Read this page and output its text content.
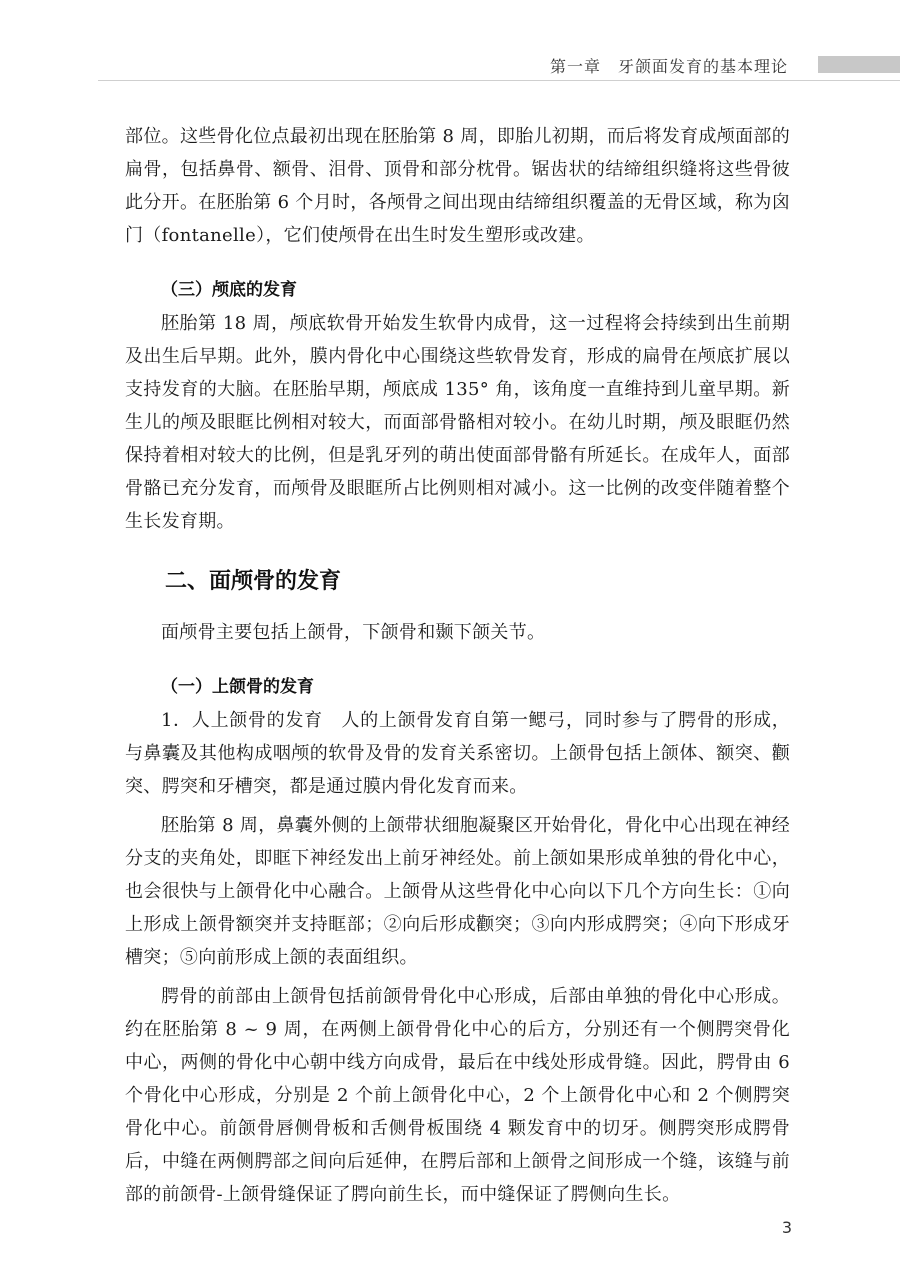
第一章　牙颌面发育的基本理论

部位。这些骨化位点最初出现在胚胎第 8 周，即胎儿初期，而后将发育成颅面部的扁骨，包括鼻骨、额骨、泪骨、顶骨和部分枕骨。锯齿状的结缔组织缝将这些骨彼此分开。在胚胎第 6 个月时，各颅骨之间出现由结缔组织覆盖的无骨区域，称为囟门（fontanelle），它们使颅骨在出生时发生塑形或改建。

（三）颅底的发育

胚胎第 18 周，颅底软骨开始发生软骨内成骨，这一过程将会持续到出生前期及出生后早期。此外，膜内骨化中心围绕这些软骨发育，形成的扁骨在颅底扩展以支持发育的大脑。在胚胎早期，颅底成 135° 角，该角度一直维持到儿童早期。新生儿的颅及眼眶比例相对较大，而面部骨骼相对较小。在幼儿时期，颅及眼眶仍然保持着相对较大的比例，但是乳牙列的萌出使面部骨骼有所延长。在成年人，面部骨骼已充分发育，而颅骨及眼眶所占比例则相对减小。这一比例的改变伴随着整个生长发育期。

二、面颅骨的发育

面颅骨主要包括上颌骨，下颌骨和颞下颌关节。

（一）上颌骨的发育

1．人上颌骨的发育　人的上颌骨发育自第一鳃弓，同时参与了腭骨的形成，与鼻囊及其他构成咽颅的软骨及骨的发育关系密切。上颌骨包括上颌体、额突、颧突、腭突和牙槽突，都是通过膜内骨化发育而来。

胚胎第 8 周，鼻囊外侧的上颌带状细胞凝聚区开始骨化，骨化中心出现在神经分支的夹角处，即眶下神经发出上前牙神经处。前上颌如果形成单独的骨化中心，也会很快与上颌骨化中心融合。上颌骨从这些骨化中心向以下几个方向生长：①向上形成上颌骨额突并支持眶部；②向后形成颧突；③向内形成腭突；④向下形成牙槽突；⑤向前形成上颌的表面组织。

腭骨的前部由上颌骨包括前颌骨骨化中心形成，后部由单独的骨化中心形成。约在胚胎第 8 ~ 9 周，在两侧上颌骨骨化中心的后方，分别还有一个侧腭突骨化中心，两侧的骨化中心朝中线方向成骨，最后在中线处形成骨缝。因此，腭骨由 6 个骨化中心形成，分别是 2 个前上颌骨化中心，2 个上颌骨化中心和 2 个侧腭突骨化中心。前颌骨唇侧骨板和舌侧骨板围绕 4 颗发育中的切牙。侧腭突形成腭骨后，中缝在两侧腭部之间向后延伸，在腭后部和上颌骨之间形成一个缝，该缝与前部的前颌骨-上颌骨缝保证了腭向前生长，而中缝保证了腭侧向生长。

3
